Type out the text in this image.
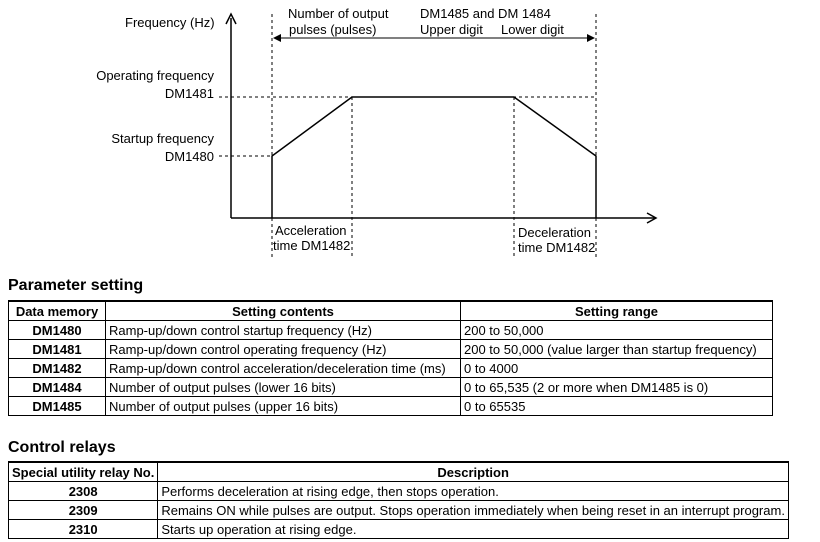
Frequency (Hz)
Number of output
pulses (pulses)
DM1485 and DM 1484
Upper digit Lower digit
Operating frequency
DM1481
Startup frequency
DM1480
Acceleration
time DM1482
Deceleration
time DM1482
Parameter setting
Data memory	Setting contents	Setting range
DM1480	Ramp-up/down control startup frequency (Hz)	200 to 50,000
DM1481	Ramp-up/down control operating frequency (Hz)	200 to 50,000 (value larger than startup frequency)
DM1482	Ramp-up/down control acceleration/deceleration time (ms)	0 to 4000
DM1484	Number of output pulses (lower 16 bits)	0 to 65,535 (2 or more when DM1485 is 0)
DM1485	Number of output pulses (upper 16 bits)	0 to 65535
Control relays
Special utility relay No.	Description
2308	Performs deceleration at rising edge, then stops operation.
2309	Remains ON while pulses are output. Stops operation immediately when being reset in an interrupt program.
2310	Starts up operation at rising edge.
